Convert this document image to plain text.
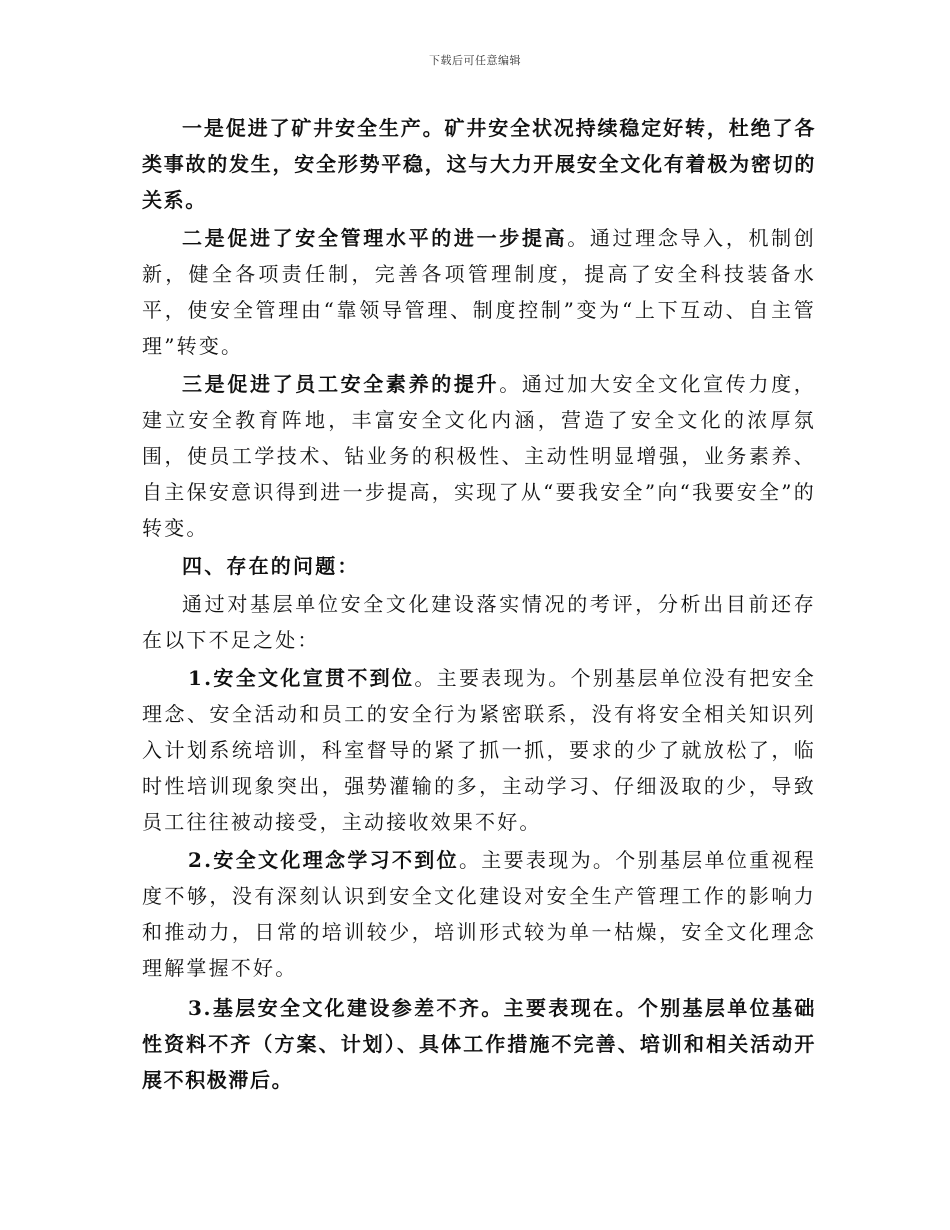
下载后可任意编辑

一是促进了矿井安全生产。矿井安全状况持续稳定好转，杜绝了各类事故的发生，安全形势平稳，这与大力开展安全文化有着极为密切的关系。

二是促进了安全管理水平的进一步提高。通过理念导入，机制创新，健全各项责任制，完善各项管理制度，提高了安全科技装备水平，使安全管理由“靠领导管理、制度控制”变为“上下互动、自主管理”转变。

三是促进了员工安全素养的提升。通过加大安全文化宣传力度，建立安全教育阵地，丰富安全文化内涵，营造了安全文化的浓厚氛围，使员工学技术、钻业务的积极性、主动性明显增强，业务素养、自主保安意识得到进一步提高，实现了从“要我安全”向“我要安全”的转变。

四、存在的问题：

通过对基层单位安全文化建设落实情况的考评，分析出目前还存在以下不足之处：

1.安全文化宣贯不到位。主要表现为。个别基层单位没有把安全理念、安全活动和员工的安全行为紧密联系，没有将安全相关知识列入计划系统培训，科室督导的紧了抓一抓，要求的少了就放松了，临时性培训现象突出，强势灌输的多，主动学习、仔细汲取的少，导致员工往往被动接受，主动接收效果不好。

2.安全文化理念学习不到位。主要表现为。个别基层单位重视程度不够，没有深刻认识到安全文化建设对安全生产管理工作的影响力和推动力，日常的培训较少，培训形式较为单一枯燥，安全文化理念理解掌握不好。

3.基层安全文化建设参差不齐。主要表现在。个别基层单位基础性资料不齐（方案、计划）、具体工作措施不完善、培训和相关活动开展不积极滞后。
